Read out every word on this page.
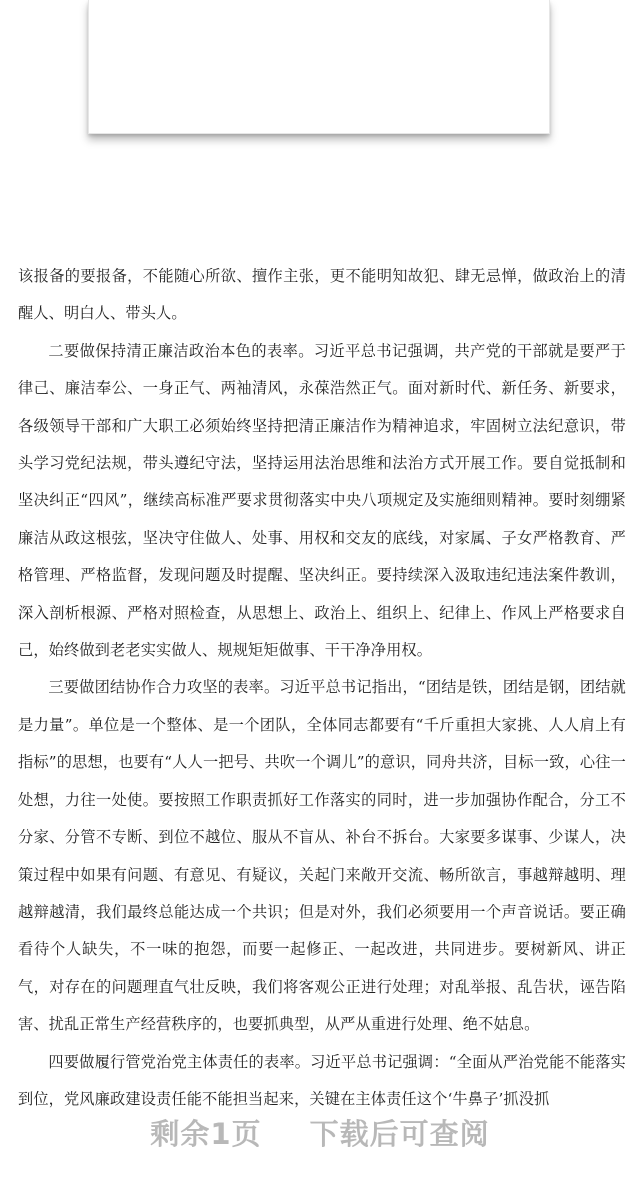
该报备的要报备，不能随心所欲、擅作主张，更不能明知故犯、肆无忌惮，做政治上的清醒人、明白人、带头人。

二要做保持清正廉洁政治本色的表率。习近平总书记强调，共产党的干部就是要严于律己、廉洁奉公、一身正气、两袖清风，永葆浩然正气。面对新时代、新任务、新要求，各级领导干部和广大职工必须始终坚持把清正廉洁作为精神追求，牢固树立法纪意识，带头学习党纪法规，带头遵纪守法，坚持运用法治思维和法治方式开展工作。要自觉抵制和坚决纠正“四风”，继续高标准严要求贯彻落实中央八项规定及实施细则精神。要时刻绷紧廉洁从政这根弦，坚决守住做人、处事、用权和交友的底线，对家属、子女严格教育、严格管理、严格监督，发现问题及时提醒、坚决纠正。要持续深入汲取违纪违法案件教训，深入剖析根源、严格对照检查，从思想上、政治上、组织上、纪律上、作风上严格要求自己，始终做到老老实实做人、规规矩矩做事、干干净净用权。

三要做团结协作合力攻坚的表率。习近平总书记指出，“团结是铁，团结是钢，团结就是力量”。单位是一个整体、是一个团队，全体同志都要有“千斤重担大家挑、人人肩上有指标”的思想，也要有“人人一把号、共吹一个调儿”的意识，同舟共济，目标一致，心往一处想，力往一处使。要按照工作职责抓好工作落实的同时，进一步加强协作配合，分工不分家、分管不专断、到位不越位、服从不盲从、补台不拆台。大家要多谋事、少谋人，决策过程中如果有问题、有意见、有疑议，关起门来敞开交流、畅所欲言，事越辩越明、理越辩越清，我们最终总能达成一个共识；但是对外，我们必须要用一个声音说话。要正确看待个人缺失，不一味的抱怨，而要一起修正、一起改进，共同进步。要树新风、讲正气，对存在的问题理直气壮反映，我们将客观公正进行处理；对乱举报、乱告状，诬告陷害、扰乱正常生产经营秩序的，也要抓典型，从严从重进行处理、绝不姑息。

四要做履行管党治党主体责任的表率。习近平总书记强调：“全面从严治党能不能落实到位，党风廉政建设责任能不能担当起来，关键在主体责任这个‘牛鼻子’抓没抓

剩余1页 下载后可查阅
